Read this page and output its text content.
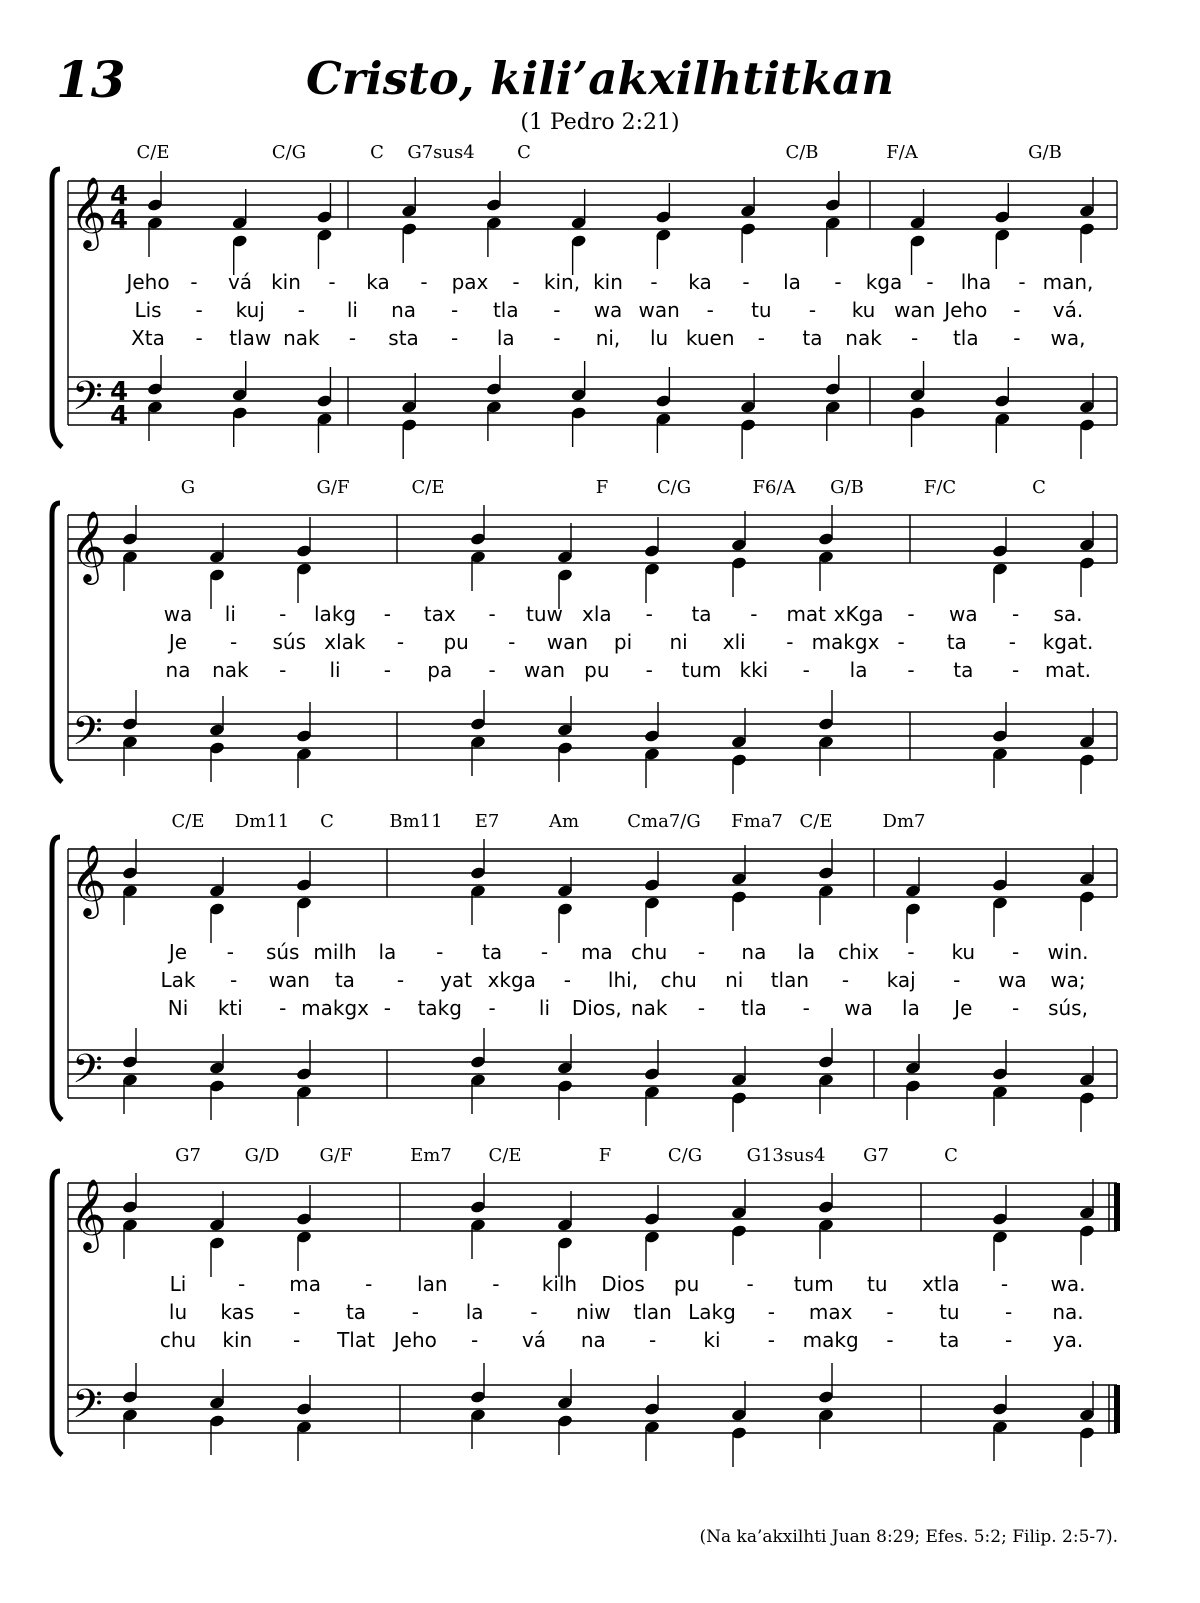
13	Cristo, kili’akxilhtitkan
(1 Pedro 2:21)
C/E	C/G	C G7sus4 C	C/B	F/A	G/B
𝄞
𝄢
4
4
4
4
G	G/F	C/E	F	C/G	F6/A G/B	F/C	C
𝄞
𝄢
C/E Dm11 C	Bm11 E7	Am	Cma7/G Fma7 C/E	Dm7
𝄞
𝄢
G7 G/D G/F	Em7 C/E	F	C/G G13sus4 G7	C
𝄞
𝄢
Jeho - vá kin - ka - pax - kin, kin - ka - la - kga - lha - man,
Lis - kuj - li na - tla - wa wan - tu - ku wan Jeho - vá.
Xta - tlaw nak - sta - la - ni, lu kuen - ta nak - tla - wa,
wa li - lakg - tax - tuw xla - ta - mat xKga - wa - sa.
Je - sús xlak - pu - wan pi ni xli - makgx - ta - kgat.
na nak - li - pa - wan pu - tum kki - la - ta - mat.
Je - sús milh la - ta - ma chu - na la chix - ku - win.
Lak - wan ta - yat xkga - lhi, chu ni tlan - kaj - wa wa;
Ni kti - makgx - takg - li Dios, nak - tla - wa la Je - sús,
Li	- ma - lan - kilh Dios pu - tum tu xtla - wa.
lu kas - ta - la - niw tlan Lakg - max - tu - na.
chu kin - Tlat Jeho - vá na - ki - makg - ta - ya.
(Na ka’akxilhti Juan 8:29; Efes. 5:2; Filip. 2:5-7).
